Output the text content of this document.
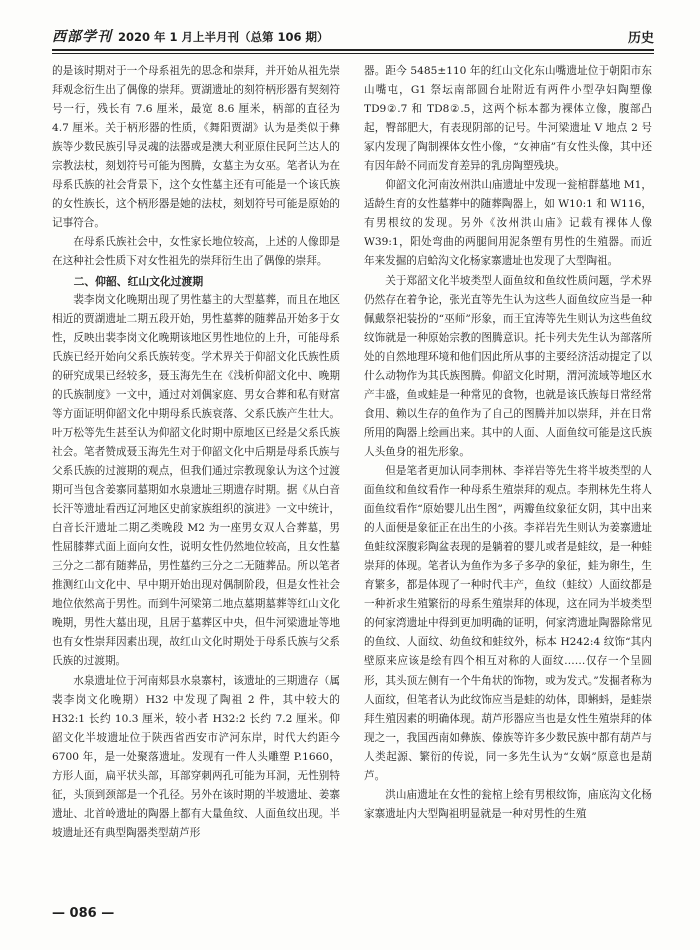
西部学刊 2020 年 1 月上半月刊（总第 106 期）	历史

的是该时期对于一个母系祖先的思念和崇拜，并开始从祖先崇拜观念衍生出了偶像的崇拜。贾湖遗址的刻符柄形器有契刻符号一行，残长有 7.6 厘米，最宽 8.6 厘米，柄部的直径为 4.7 厘米。关于柄形器的性质，《舞阳贾湖》认为是类似于彝族等少数民族引导灵魂的法器或是澳大利亚原住民阿兰达人的宗教法杖，刻划符号可能为图腾，女墓主为女巫。笔者认为在母系氏族的社会背景下，这个女性墓主还有可能是一个该氏族的女性族长，这个柄形器是她的法杖，刻划符号可能是原始的记事符合。

在母系氏族社会中，女性家长地位较高，上述的人像即是在这种社会性质下对女性祖先的崇拜衍生出了偶像的崇拜。

二、仰韶、红山文化过渡期

裴李岗文化晚期出现了男性墓主的大型墓葬，而且在地区相近的贾湖遗址二期五段开始，男性墓葬的随葬品开始多于女性，反映出裴李岗文化晚期该地区男性地位的上升，可能母系氏族已经开始向父系氏族转变。学术界关于仰韶文化氏族性质的研究成果已经较多，聂玉海先生在《浅析仰韶文化中、晚期的氏族制度》一文中，通过对刘偶家庭、男女合葬和私有财富等方面证明仰韶文化中期母系氏族衰落、父系氏族产生壮大。叶万松等先生甚至认为仰韶文化时期中原地区已经是父系氏族社会。笔者赞成聂玉海先生对于仰韶文化中后期是母系氏族与父系氏族的过渡期的观点，但我们通过宗教现象认为这个过渡期可当包含姜寨同墓期如水泉遗址三期遗存时期。据《从白音长汗等遗址看西辽河地区史前家族组织的演进》一文中统计，白音长汗遗址二期乙类晚段 M2 为一座男女双人合葬墓，男性屈膝葬式面上面向女性，说明女性仍然地位较高，且女性墓三分之二都有随葬品，男性墓约三分之二无随葬品。所以笔者推测红山文化中、早中期开始出现对偶制阶段，但是女性社会地位依然高于男性。而到牛河梁第二地点墓期墓葬等红山文化晚期，男性大墓出现，且居于墓葬区中央，但牛河梁遗址等地也有女性崇拜因素出现，故红山文化时期处于母系氏族与父系氏族的过渡期。

水泉遗址位于河南郏县水泉寨村，该遗址的三期遗存（属裴李岗文化晚期）H32 中发现了陶祖 2 件，其中较大的 H32:1 长约 10.3 厘米，较小者 H32:2 长约 7.2 厘米。仰韶文化半坡遗址位于陕西省西安市浐河东岸，时代大约距今 6700 年，是一处聚落遗址。发现有一件人头雕塑 P.1660，方形人面，扁平状头部，耳部穿刺两孔可能为耳洞，无性别特征，头顶到颈部是一个孔径。另外在该时期的半坡遗址、姜寨遗址、北首岭遗址的陶器上都有大量鱼纹、人面鱼纹出现。半坡遗址还有典型陶器类型葫芦形

器。距今 5485±110 年的红山文化东山嘴遗址位于朝阳市东山嘴屯，G1 祭坛南部圆台址附近有两件小型孕妇陶塑像 TD9②.7 和 TD8②.5，这两个标本都为裸体立像，腹部凸起，臀部肥大，有表现阴部的记号。牛河梁遗址 V 地点 2 号冢内发现了陶制裸体女性小像，“女神庙”有女性头像，其中还有因年龄不同而发育差异的乳房陶塑残块。

仰韶文化河南汝州洪山庙遗址中发现一瓮棺群墓地 M1，适龄生育的女性墓葬中的随葬陶器上，如 W10:1 和 W116，有男根纹的发现。另外《汝州洪山庙》记载有裸体人像 W39:1，阳处弯曲的两腿间用泥条塑有男性的生殖器。而近年来发掘的启蛤沟文化杨家寨遗址也发现了大型陶祖。

关于郑韶文化半坡类型人面鱼纹和鱼纹性质问题，学术界仍然存在着争论，张光直等先生认为这些人面鱼纹应当是一种佩戴祭祀装扮的“巫师”形象，而王宜涛等先生则认为这些鱼纹纹饰就是一种原始宗教的图腾意识。托卡列夫先生认为部落所处的自然地理环境和他们因此所从事的主要经济活动提定了以什么动物作为其氏族图腾。仰韶文化时期，渭河流域等地区水产丰盛，鱼或蛙是一种常见的食物，也就是该氏族每日常经常食用、赖以生存的鱼作为了自己的图腾并加以崇拜，并在日常所用的陶器上绘画出来。其中的人面、人面鱼纹可能是这氏族人头鱼身的祖先形象。

但是笔者更加认同李荆林、李祥岩等先生将半坡类型的人面鱼纹和鱼纹看作一种母系生殖崇拜的观点。李荆林先生将人面鱼纹看作“原始婴儿出生图”，两瓣鱼纹象征女阴，其中出来的人面便是象征正在出生的小孩。李祥岩先生则认为姜寨遗址鱼蛙纹深腹彩陶盆表现的是躺着的婴儿或者是蛙纹，是一种蛙崇拜的体现。笔者认为鱼作为多子多孕的象征，蛙为卵生，生育繁多，都是体现了一种时代丰产，鱼纹（蛙纹）人面纹都是一种祈求生殖繁衍的母系生殖崇拜的体现，这在同为半坡类型的何家湾遗址中得到更加明确的证明，何家湾遗址陶器除常见的鱼纹、人面纹、幼鱼纹和蛙纹外，标本 H242:4 纹饰“其内壁原来应该是绘有四个相互对称的人面纹……仅存一个呈圆形，其头顶左侧有一个牛角状的饰物，或为发式。”发掘者称为人面纹，但笔者认为此纹饰应当是蛙的幼体，即蝌蚪，是蛙崇拜生殖因素的明确体现。葫芦形器应当也是女性生殖崇拜的体现之一，我国西南如彝族、傣族等许多少数民族中都有葫芦与人类起源、繁衍的传说，同一多先生认为“女娲”原意也是葫芦。

洪山庙遗址在女性的瓮棺上绘有男根纹饰，庙底沟文化杨家寨遗址内大型陶祖明显就是一种对男性的生殖

— 086 —
